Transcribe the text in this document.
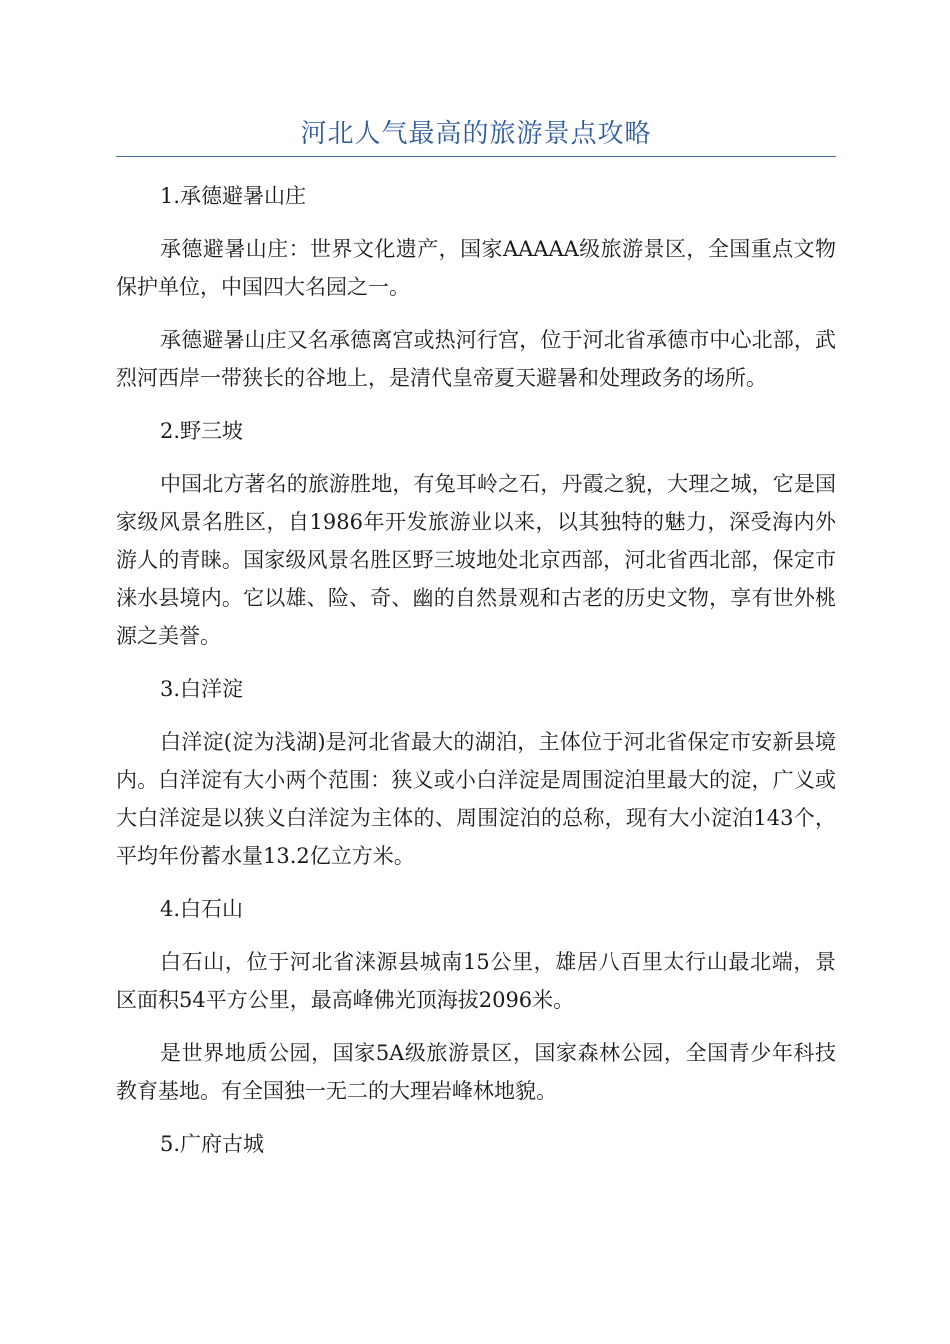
河北人气最高的旅游景点攻略

1.承德避暑山庄

承德避暑山庄：世界文化遗产，国家AAAAA级旅游景区，全国重点文物保护单位，中国四大名园之一。

承德避暑山庄又名承德离宫或热河行宫，位于河北省承德市中心北部，武烈河西岸一带狭长的谷地上，是清代皇帝夏天避暑和处理政务的场所。

2.野三坡

中国北方著名的旅游胜地，有兔耳岭之石，丹霞之貌，大理之城，它是国家级风景名胜区，自1986年开发旅游业以来，以其独特的魅力，深受海内外游人的青睐。国家级风景名胜区野三坡地处北京西部，河北省西北部，保定市涞水县境内。它以雄、险、奇、幽的自然景观和古老的历史文物，享有世外桃源之美誉。

3.白洋淀

白洋淀(淀为浅湖)是河北省最大的湖泊，主体位于河北省保定市安新县境内。白洋淀有大小两个范围：狭义或小白洋淀是周围淀泊里最大的淀，广义或大白洋淀是以狭义白洋淀为主体的、周围淀泊的总称，现有大小淀泊143个，平均年份蓄水量13.2亿立方米。

4.白石山

白石山，位于河北省涞源县城南15公里，雄居八百里太行山最北端，景区面积54平方公里，最高峰佛光顶海拔2096米。

是世界地质公园，国家5A级旅游景区，国家森林公园，全国青少年科技教育基地。有全国独一无二的大理岩峰林地貌。

5.广府古城
